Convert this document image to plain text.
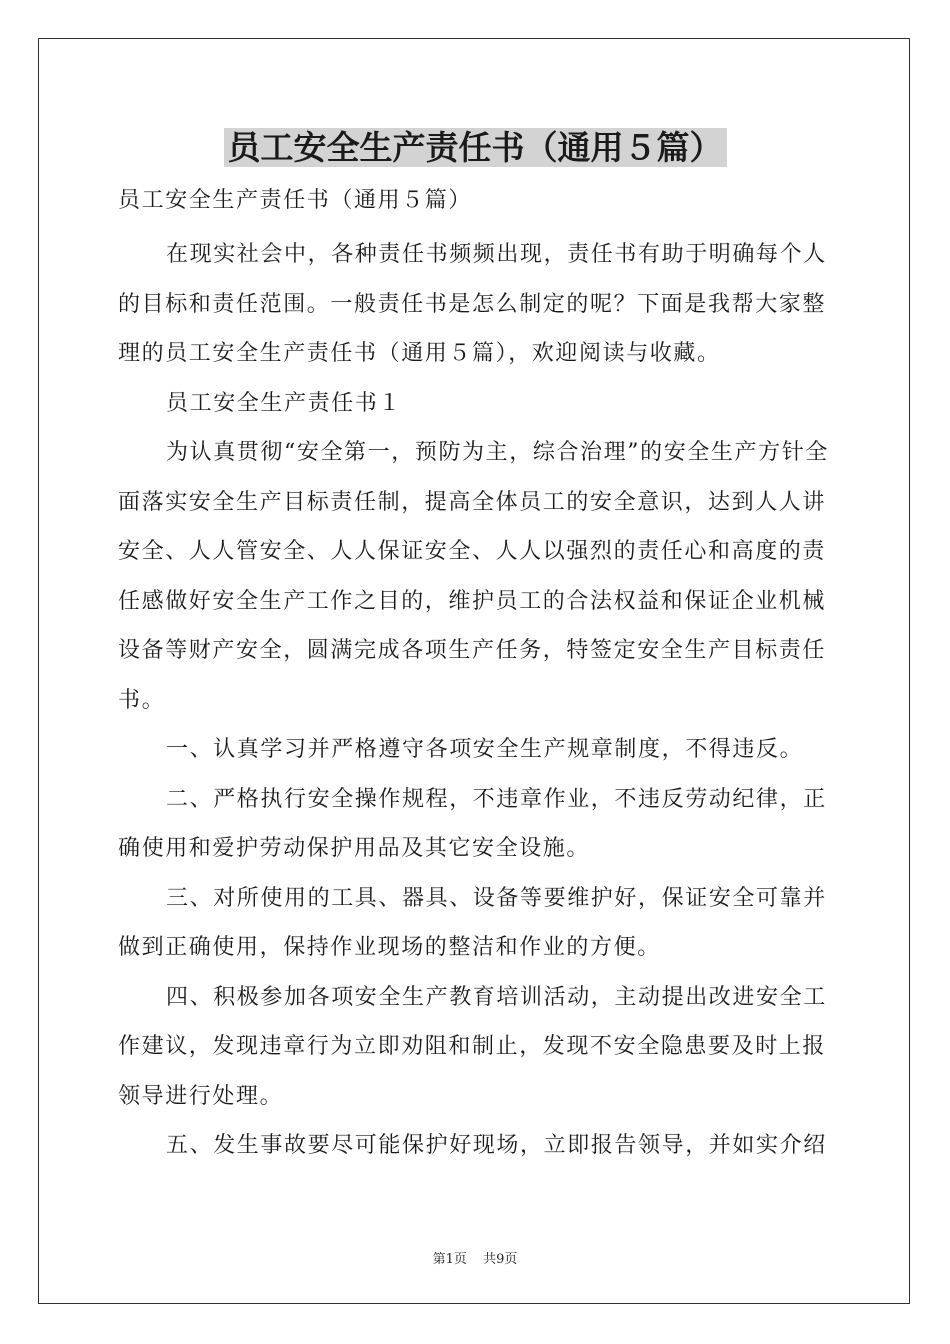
员工安全生产责任书（通用５篇）

员工安全生产责任书（通用５篇）

在现实社会中，各种责任书频频出现，责任书有助于明确每个人的目标和责任范围。一般责任书是怎么制定的呢？下面是我帮大家整理的员工安全生产责任书（通用５篇），欢迎阅读与收藏。

员工安全生产责任书１

为认真贯彻“安全第一，预防为主，综合治理”的安全生产方针全面落实安全生产目标责任制，提高全体员工的安全意识，达到人人讲安全、人人管安全、人人保证安全、人人以强烈的责任心和高度的责任感做好安全生产工作之目的，维护员工的合法权益和保证企业机械设备等财产安全，圆满完成各项生产任务，特签定安全生产目标责任书。

一、认真学习并严格遵守各项安全生产规章制度，不得违反。

二、严格执行安全操作规程，不违章作业，不违反劳动纪律，正确使用和爱护劳动保护用品及其它安全设施。

三、对所使用的工具、器具、设备等要维护好，保证安全可靠并做到正确使用，保持作业现场的整洁和作业的方便。

四、积极参加各项安全生产教育培训活动，主动提出改进安全工作建议，发现违章行为立即劝阻和制止，发现不安全隐患要及时上报领导进行处理。

五、发生事故要尽可能保护好现场，立即报告领导，并如实介绍

第1页 共9页
